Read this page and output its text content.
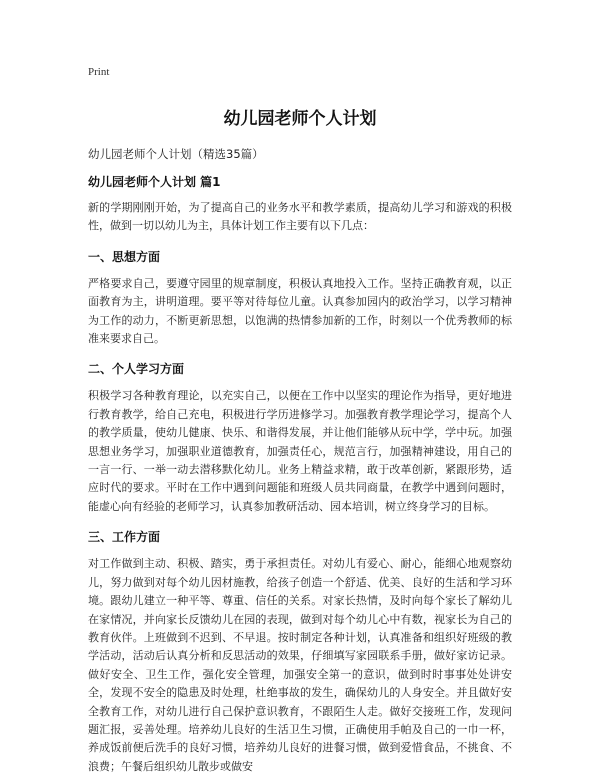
Print
幼儿园老师个人计划
幼儿园老师个人计划（精选35篇）
幼儿园老师个人计划 篇1
新的学期刚刚开始，为了提高自己的业务水平和教学素质，提高幼儿学习和游戏的积极性，做到一切以幼儿为主，具体计划工作主要有以下几点：
一、思想方面
严格要求自己，要遵守园里的规章制度，积极认真地投入工作。坚持正确教育观，以正面教育为主，讲明道理。要平等对待每位儿童。认真参加园内的政治学习，以学习精神为工作的动力，不断更新思想，以饱满的热情参加新的工作，时刻以一个优秀教师的标准来要求自己。
二、个人学习方面
积极学习各种教育理论，以充实自己，以便在工作中以坚实的理论作为指导，更好地进行教育教学，给自己充电，积极进行学历进修学习。加强教育教学理论学习，提高个人的教学质量，使幼儿健康、快乐、和谐得发展，并让他们能够从玩中学，学中玩。加强思想业务学习，加强职业道德教育，加强责任心，规范言行，加强精神建设，用自己的一言一行、一举一动去潜移默化幼儿。业务上精益求精，敢于改革创新，紧跟形势，适应时代的要求。平时在工作中遇到问题能和班级人员共同商量，在教学中遇到问题时，能虚心向有经验的老师学习，认真参加教研活动、园本培训，树立终身学习的目标。
三、工作方面
对工作做到主动、积极、踏实，勇于承担责任。对幼儿有爱心、耐心，能细心地观察幼儿，努力做到对每个幼儿因材施教，给孩子创造一个舒适、优美、良好的生活和学习环境。跟幼儿建立一种平等、尊重、信任的关系。对家长热情，及时向每个家长了解幼儿在家情况，并向家长反馈幼儿在园的表现，做到对每个幼儿心中有数，视家长为自己的教育伙伴。上班做到不迟到、不早退。按时制定各种计划，认真准备和组织好班级的教学活动，活动后认真分析和反思活动的效果，仔细填写家园联系手册，做好家访记录。做好安全、卫生工作，强化安全管理，加强安全第一的意识，做到时时事事处处讲安全，发现不安全的隐患及时处理，杜绝事故的发生，确保幼儿的人身安全。并且做好安全教育工作，对幼儿进行自己保护意识教育，不跟陌生人走。做好交接班工作，发现问题汇报，妥善处理。培养幼儿良好的生活卫生习惯，正确使用手帕及自己的一巾一杯，养成饭前便后洗手的良好习惯，培养幼儿良好的进餐习惯，做到爱惜食品，不挑食、不浪费；午餐后组织幼儿散步或做安
